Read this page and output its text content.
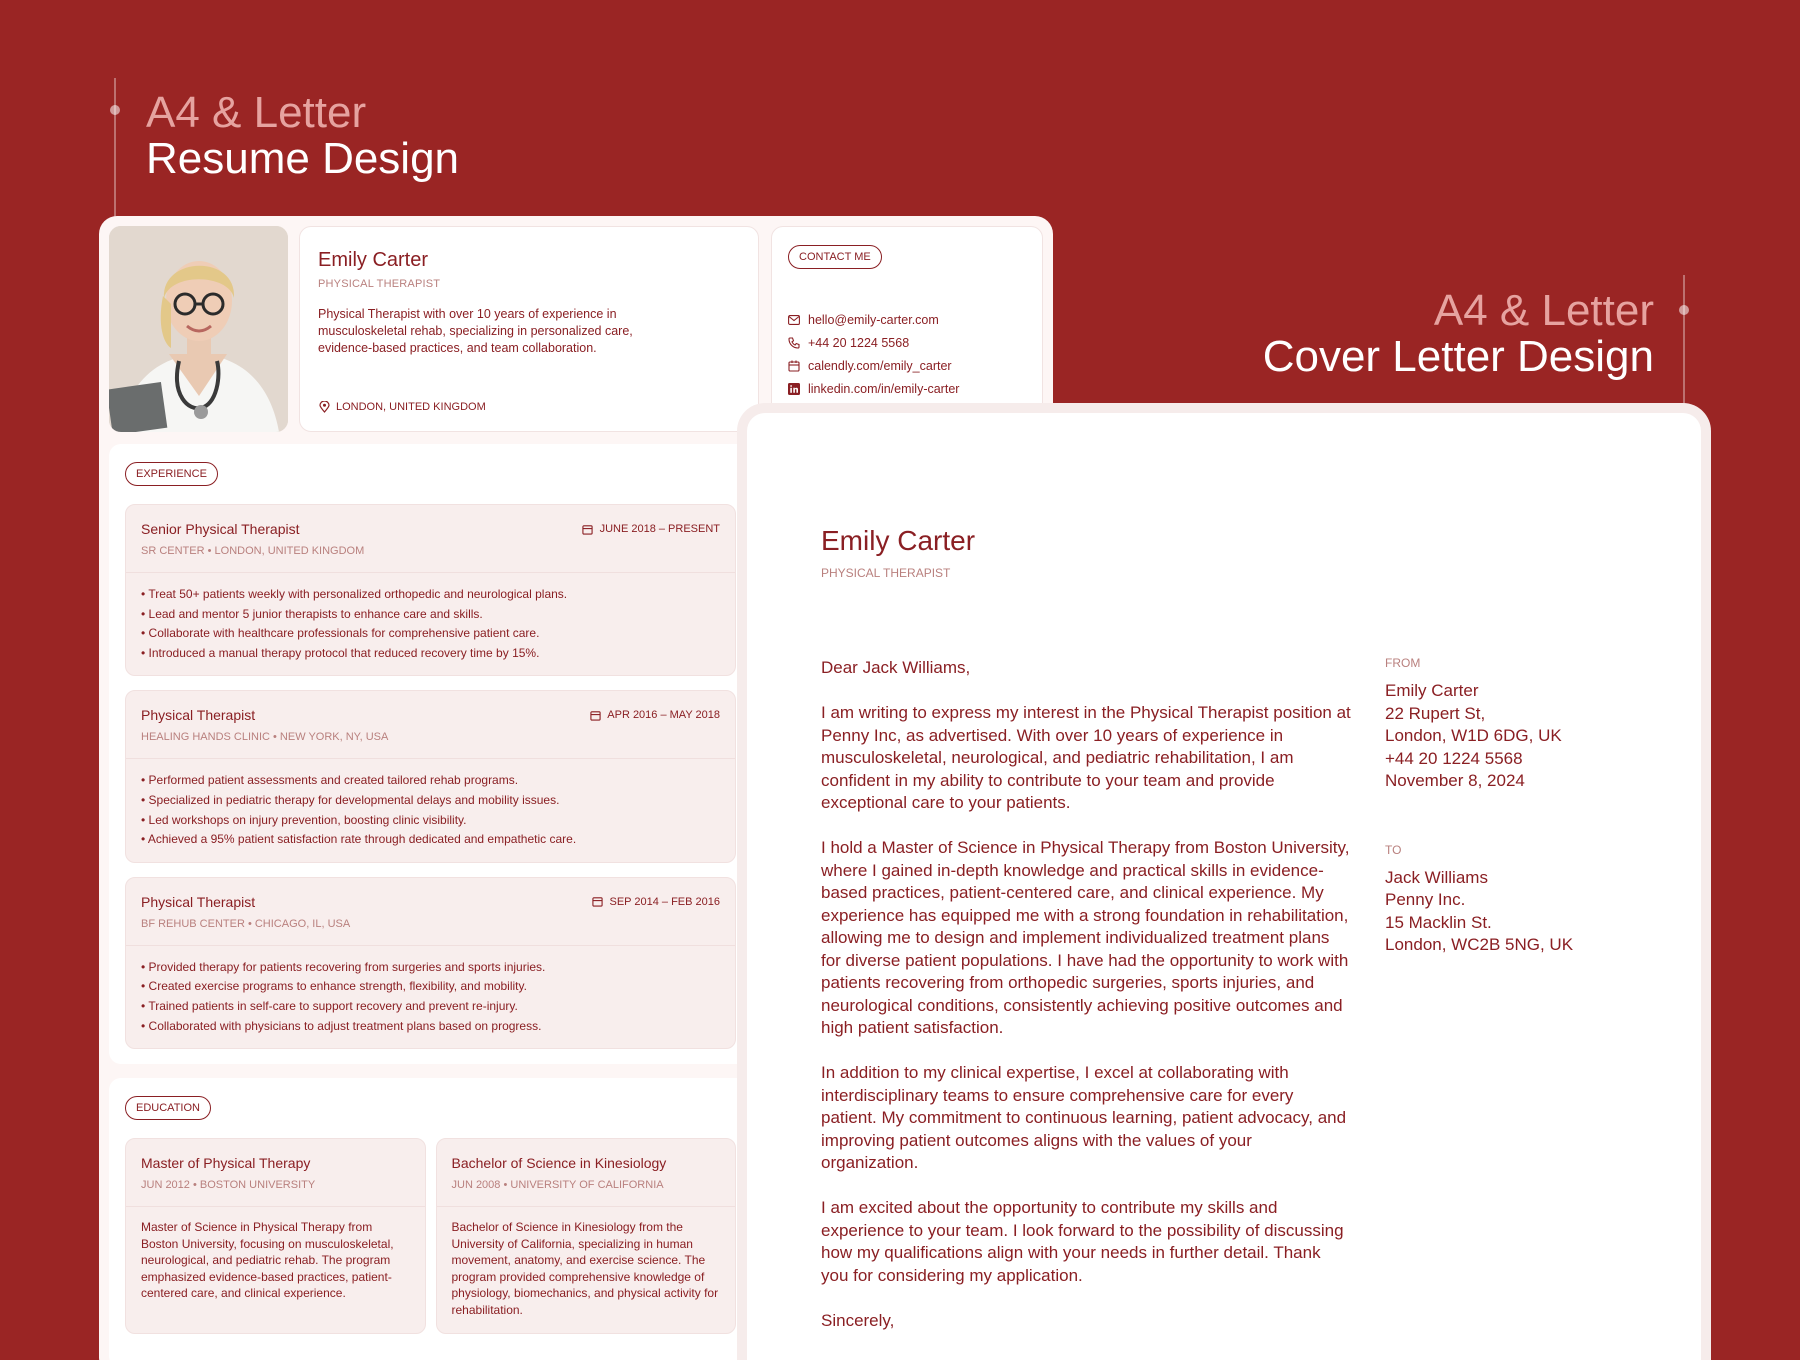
A4 & Letter
Resume Design
A4 & Letter
Cover Letter Design
Emily Carter
PHYSICAL THERAPIST
Physical Therapist with over 10 years of experience in musculoskeletal rehab, specializing in personalized care, evidence-based practices, and team collaboration.
LONDON, UNITED KINGDOM
CONTACT ME
hello@emily-carter.com
+44 20 1224 5568
calendly.com/emily_carter
linkedin.com/in/emily-carter
EXPERIENCE
Senior Physical Therapist
SR CENTER • LONDON, UNITED KINGDOM
JUNE 2018 – PRESENT
• Treat 50+ patients weekly with personalized orthopedic and neurological plans.
• Lead and mentor 5 junior therapists to enhance care and skills.
• Collaborate with healthcare professionals for comprehensive patient care.
• Introduced a manual therapy protocol that reduced recovery time by 15%.
Physical Therapist
HEALING HANDS CLINIC • NEW YORK, NY, USA
APR 2016 – MAY 2018
• Performed patient assessments and created tailored rehab programs.
• Specialized in pediatric therapy for developmental delays and mobility issues.
• Led workshops on injury prevention, boosting clinic visibility.
• Achieved a 95% patient satisfaction rate through dedicated and empathetic care.
Physical Therapist
BF REHUB CENTER • CHICAGO, IL, USA
SEP 2014 – FEB 2016
• Provided therapy for patients recovering from surgeries and sports injuries.
• Created exercise programs to enhance strength, flexibility, and mobility.
• Trained patients in self-care to support recovery and prevent re-injury.
• Collaborated with physicians to adjust treatment plans based on progress.
EDUCATION
Master of Physical Therapy
JUN 2012 • BOSTON UNIVERSITY
Master of Science in Physical Therapy from Boston University, focusing on musculoskeletal, neurological, and pediatric rehab. The program emphasized evidence-based practices, patient-centered care, and clinical experience.
Bachelor of Science in Kinesiology
JUN 2008 • UNIVERSITY OF CALIFORNIA
Bachelor of Science in Kinesiology from the University of California, specializing in human movement, anatomy, and exercise science. The program provided comprehensive knowledge of physiology, biomechanics, and physical activity for rehabilitation.
Emily Carter
PHYSICAL THERAPIST

Dear Jack Williams,

I am writing to express my interest in the Physical Therapist position at Penny Inc, as advertised. With over 10 years of experience in musculoskeletal, neurological, and pediatric rehabilitation, I am confident in my ability to contribute to your team and provide exceptional care to your patients.

I hold a Master of Science in Physical Therapy from Boston University, where I gained in-depth knowledge and practical skills in evidence-based practices, patient-centered care, and clinical experience. My experience has equipped me with a strong foundation in rehabilitation, allowing me to design and implement individualized treatment plans for diverse patient populations. I have had the opportunity to work with patients recovering from orthopedic surgeries, sports injuries, and neurological conditions, consistently achieving positive outcomes and high patient satisfaction.

In addition to my clinical expertise, I excel at collaborating with interdisciplinary teams to ensure comprehensive care for every patient. My commitment to continuous learning, patient advocacy, and improving patient outcomes aligns with the values of your organization.

I am excited about the opportunity to contribute my skills and experience to your team. I look forward to the possibility of discussing how my qualifications align with your needs in further detail. Thank you for considering my application.

Sincerely,

FROM
Emily Carter
22 Rupert St,
London, W1D 6DG, UK
+44 20 1224 5568
November 8, 2024
TO
Jack Williams
Penny Inc.
15 Macklin St.
London, WC2B 5NG, UK
